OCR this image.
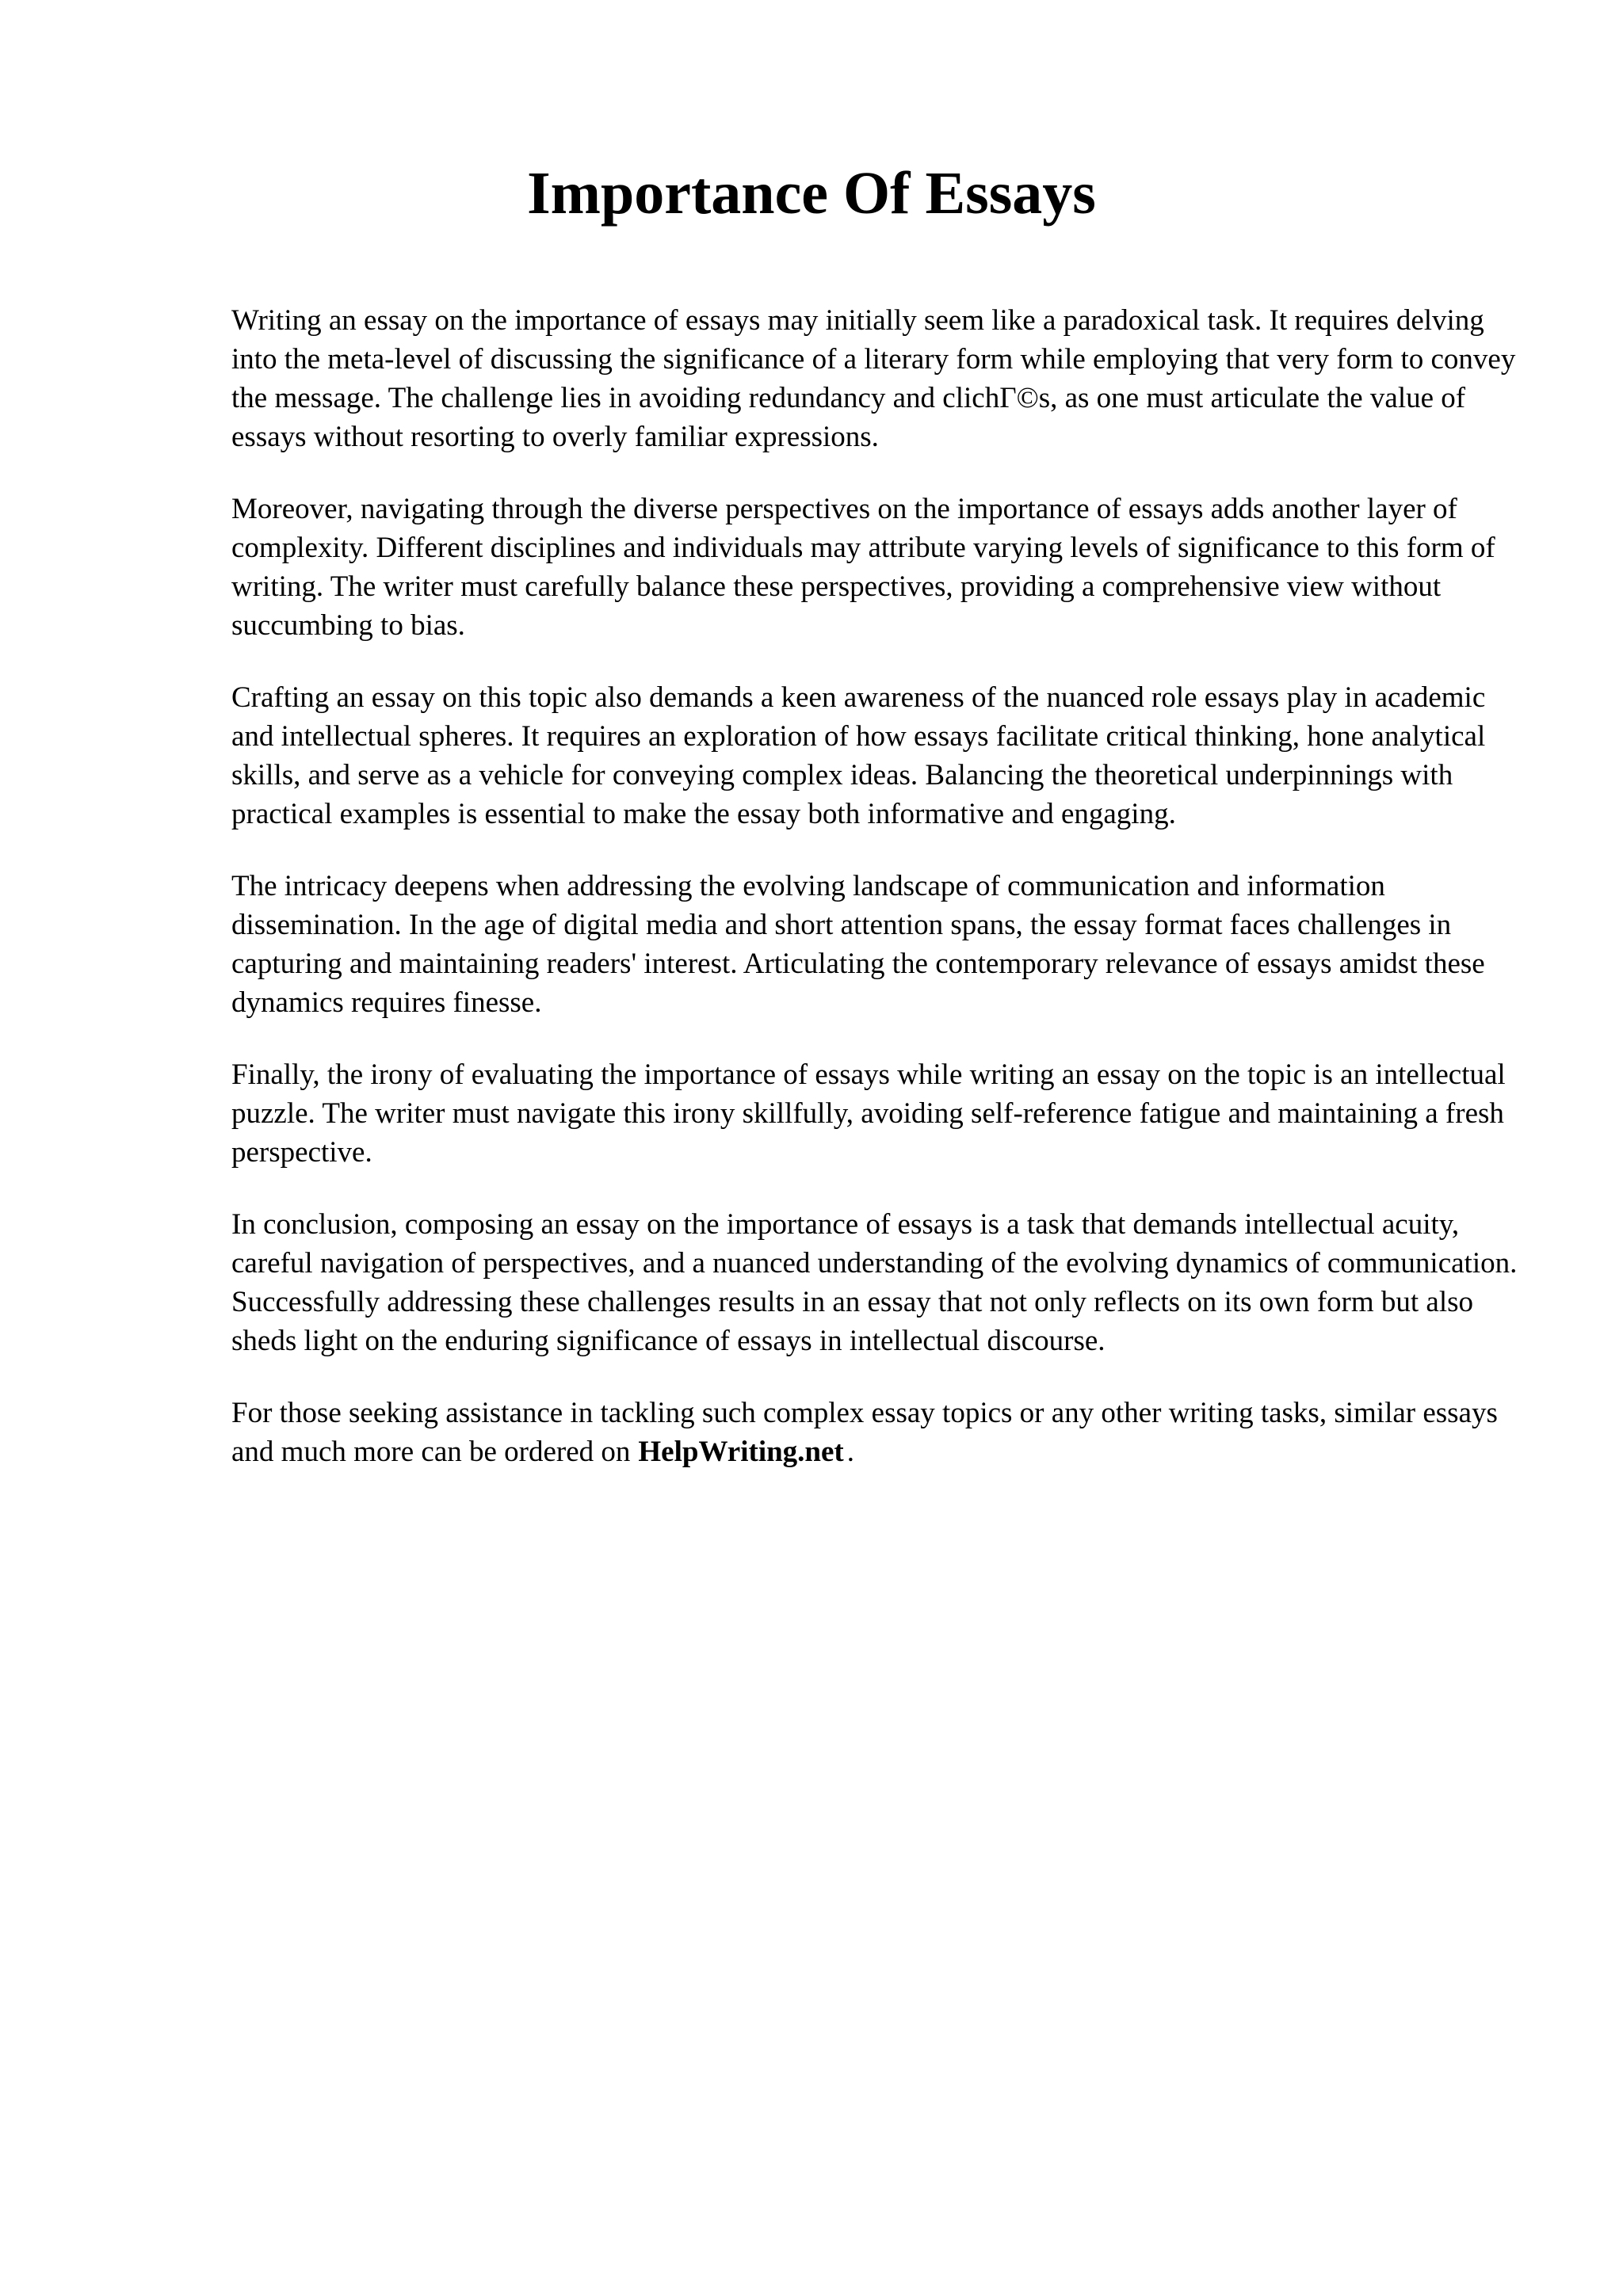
Importance Of Essays

Writing an essay on the importance of essays may initially seem like a paradoxical task. It requires delving into the meta-level of discussing the significance of a literary form while employing that very form to convey the message. The challenge lies in avoiding redundancy and clichГ©s, as one must articulate the value of essays without resorting to overly familiar expressions.

Moreover, navigating through the diverse perspectives on the importance of essays adds another layer of complexity. Different disciplines and individuals may attribute varying levels of significance to this form of writing. The writer must carefully balance these perspectives, providing a comprehensive view without succumbing to bias.

Crafting an essay on this topic also demands a keen awareness of the nuanced role essays play in academic and intellectual spheres. It requires an exploration of how essays facilitate critical thinking, hone analytical skills, and serve as a vehicle for conveying complex ideas. Balancing the theoretical underpinnings with practical examples is essential to make the essay both informative and engaging.

The intricacy deepens when addressing the evolving landscape of communication and information dissemination. In the age of digital media and short attention spans, the essay format faces challenges in capturing and maintaining readers' interest. Articulating the contemporary relevance of essays amidst these dynamics requires finesse.

Finally, the irony of evaluating the importance of essays while writing an essay on the topic is an intellectual puzzle. The writer must navigate this irony skillfully, avoiding self-reference fatigue and maintaining a fresh perspective.

In conclusion, composing an essay on the importance of essays is a task that demands intellectual acuity, careful navigation of perspectives, and a nuanced understanding of the evolving dynamics of communication. Successfully addressing these challenges results in an essay that not only reflects on its own form but also sheds light on the enduring significance of essays in intellectual discourse.

For those seeking assistance in tackling such complex essay topics or any other writing tasks, similar essays and much more can be ordered on HelpWriting.net .
